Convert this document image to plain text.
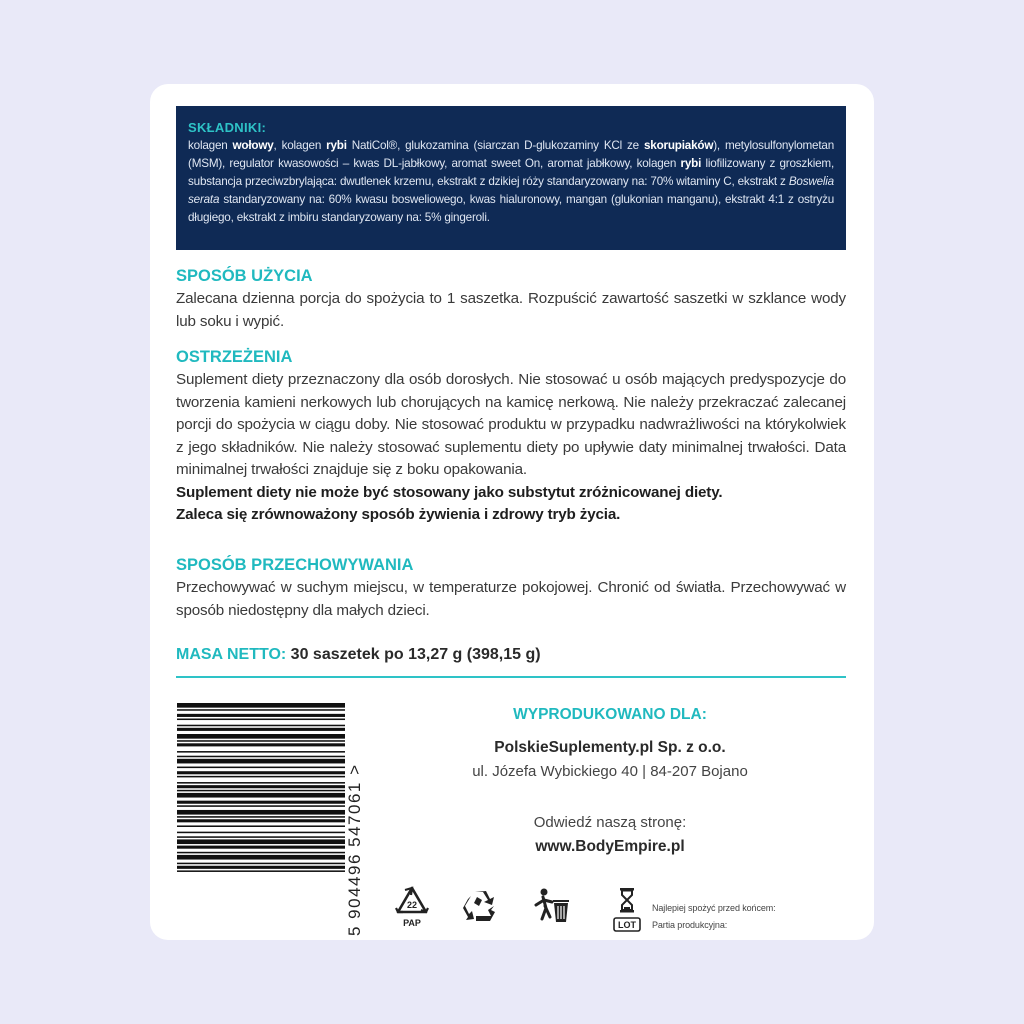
SKŁADNIKI:
kolagen wołowy, kolagen rybi NatiCol®, glukozamina (siarczan D-glukozaminy KCl ze skorupiaków), metylosulfonylometan (MSM), regulator kwasowości – kwas DL-jabłkowy, aromat sweet On, aromat jabłkowy, kolagen rybi liofilizowany z groszkiem, substancja przeciwzbrylająca: dwutlenek krzemu, ekstrakt z dzikiej róży standaryzowany na: 70% witaminy C, ekstrakt z Boswelia serata standaryzowany na: 60% kwasu bosweliowego, kwas hialuronowy, mangan (glukonian manganu), ekstrakt 4:1 z ostryżu długiego, ekstrakt z imbiru standaryzowany na: 5% gingeroli.
SPOSÓB UŻYCIA
Zalecana dzienna porcja do spożycia to 1 saszetka. Rozpuścić zawartość saszetki w szklance wody lub soku i wypić.
OSTRZEŻENIA
Suplement diety przeznaczony dla osób dorosłych. Nie stosować u osób mających predyspozycje do tworzenia kamieni nerkowych lub chorujących na kamicę nerkową. Nie należy przekraczać zalecanej porcji do spożycia w ciągu doby. Nie stosować produktu w przypadku nadwrażliwości na którykolwiek z jego składników. Nie należy stosować suplementu diety po upływie daty minimalnej trwałości. Data minimalnej trwałości znajduje się z boku opakowania.
Suplement diety nie może być stosowany jako substytut zróżnicowanej diety.
Zaleca się zrównoważony sposób żywienia i zdrowy tryb życia.
SPOSÓB PRZECHOWYWANIA
Przechowywać w suchym miejscu, w temperaturze pokojowej. Chronić od światła. Przechowywać w sposób niedostępny dla małych dzieci.
MASA NETTO: 30 saszetek po 13,27 g (398,15 g)
5 904496 547061 >
WYPRODUKOWANO DLA:
PolskieSuplementy.pl Sp. z o.o.
ul. Józefa Wybickiego 40 | 84-207 Bojano
Odwiedź naszą stronę:
www.BodyEmpire.pl
22
PAP	LOT
Najlepiej spożyć przed końcem:
Partia produkcyjna:
